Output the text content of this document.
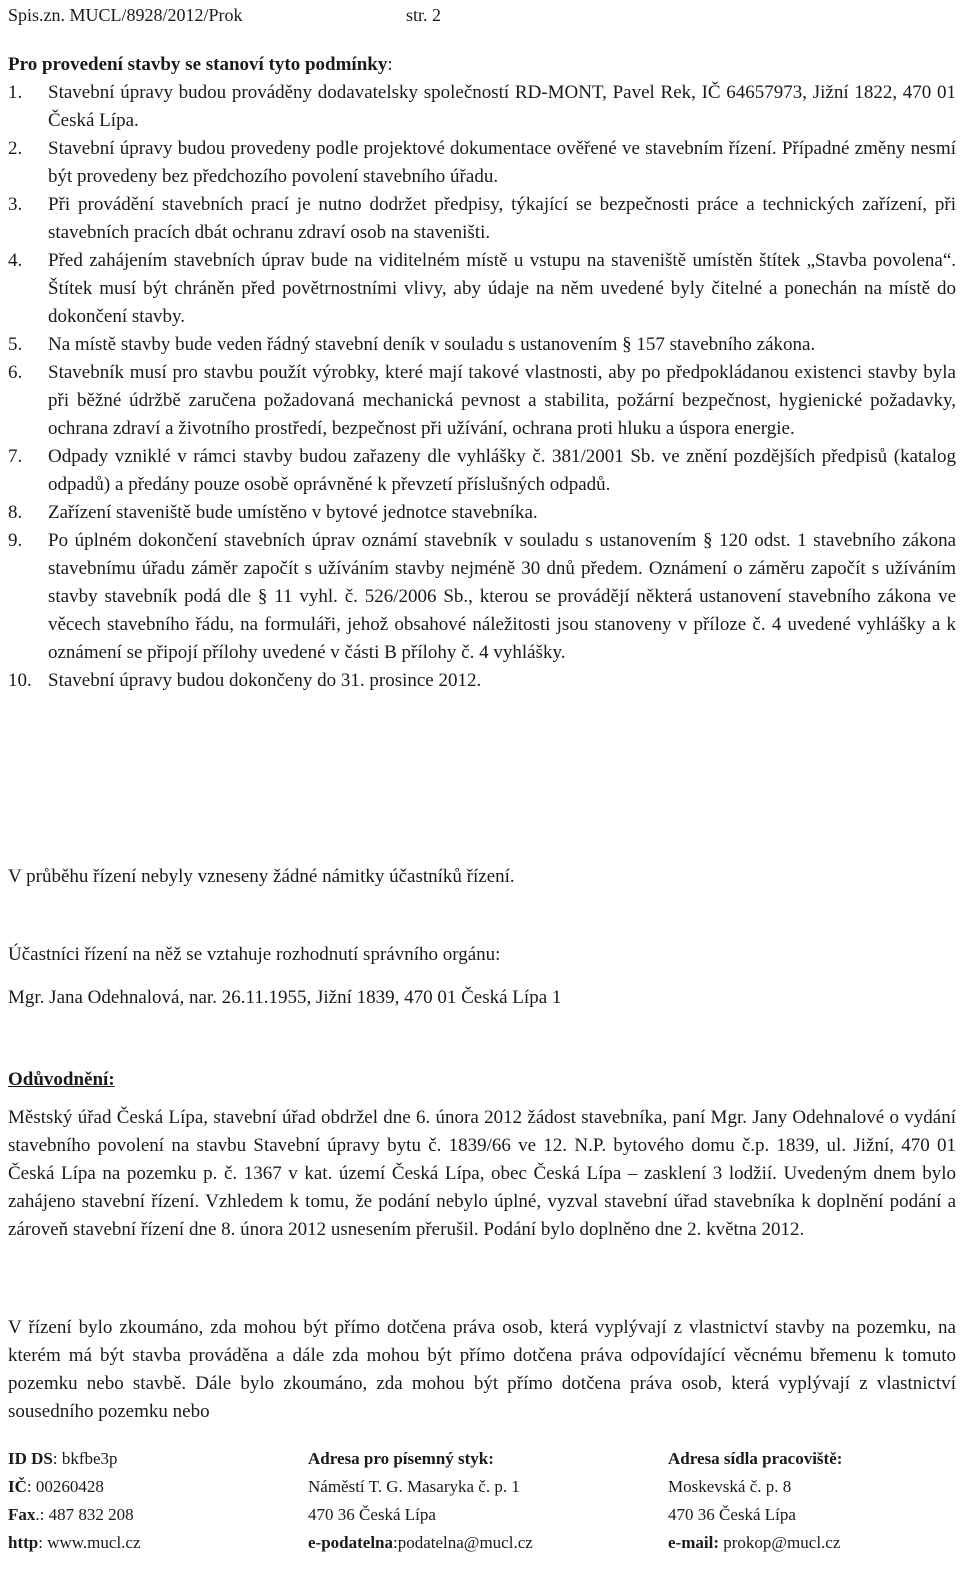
Spis.zn. MUCL/8928/2012/Prok	str. 2
Pro provedení stavby se stanoví tyto podmínky:
1. Stavební úpravy budou prováděny dodavatelsky společností RD-MONT, Pavel Rek, IČ 64657973, Jižní 1822, 470 01 Česká Lípa.
2. Stavební úpravy budou provedeny podle projektové dokumentace ověřené ve stavebním řízení. Případné změny nesmí být provedeny bez předchozího povolení stavebního úřadu.
3. Při provádění stavebních prací je nutno dodržet předpisy, týkající se bezpečnosti práce a technických zařízení, při stavebních pracích dbát ochranu zdraví osob na staveništi.
4. Před zahájením stavebních úprav bude na viditelném místě u vstupu na staveniště umístěn štítek „Stavba povolena“. Štítek musí být chráněn před povětrnostními vlivy, aby údaje na něm uvedené byly čitelné a ponechán na místě do dokončení stavby.
5. Na místě stavby bude veden řádný stavební deník v souladu s ustanovením § 157 stavebního zákona.
6. Stavebník musí pro stavbu použít výrobky, které mají takové vlastnosti, aby po předpokládanou existenci stavby byla při běžné údržbě zaručena požadovaná mechanická pevnost a stabilita, požární bezpečnost, hygienické požadavky, ochrana zdraví a životního prostředí, bezpečnost při užívání, ochrana proti hluku a úspora energie.
7. Odpady vzniklé v rámci stavby budou zařazeny dle vyhlášky č. 381/2001 Sb. ve znění pozdějších předpisů (katalog odpadů) a předány pouze osobě oprávněné k převzetí příslušných odpadů.
8. Zařízení staveniště bude umístěno v bytové jednotce stavebníka.
9. Po úplném dokončení stavebních úprav oznámí stavebník v souladu s ustanovením § 120 odst. 1 stavebního zákona stavebnímu úřadu záměr započít s užíváním stavby nejméně 30 dnů předem. Oznámení o záměru započít s užíváním stavby stavebník podá dle § 11 vyhl. č. 526/2006 Sb., kterou se provádějí některá ustanovení stavebního zákona ve věcech stavebního řádu, na formuláři, jehož obsahové náležitosti jsou stanoveny v příloze č. 4 uvedené vyhlášky a k oznámení se připojí přílohy uvedené v části B přílohy č. 4 vyhlášky.
10. Stavební úpravy budou dokončeny do 31. prosince 2012.

V průběhu řízení nebyly vzneseny žádné námitky účastníků řízení.

Účastníci řízení na něž se vztahuje rozhodnutí správního orgánu:

Mgr. Jana Odehnalová, nar. 26.11.1955, Jižní 1839, 470 01 Česká Lípa 1

Odůvodnění:

Městský úřad Česká Lípa, stavební úřad obdržel dne 6. února 2012 žádost stavebníka, paní Mgr. Jany Odehnalové o vydání stavebního povolení na stavbu Stavební úpravy bytu č. 1839/66 ve 12. N.P. bytového domu č.p. 1839, ul. Jižní, 470 01 Česká Lípa na pozemku p. č. 1367 v kat. území Česká Lípa, obec Česká Lípa – zasklení 3 lodžií. Uvedeným dnem bylo zahájeno stavební řízení. Vzhledem k tomu, že podání nebylo úplné, vyzval stavební úřad stavebníka k doplnění podání a zároveň stavební řízení dne 8. února 2012 usnesením přerušil. Podání bylo doplněno dne 2. května 2012.

V řízení bylo zkoumáno, zda mohou být přímo dotčena práva osob, která vyplývají z vlastnictví stavby na pozemku, na kterém má být stavba prováděna a dále zda mohou být přímo dotčena práva odpovídající věcnému břemenu k tomuto pozemku nebo stavbě. Dále bylo zkoumáno, zda mohou být přímo dotčena práva osob, která vyplývají z vlastnictví sousedního pozemku nebo

ID DS: bkfbe3p
IČ: 00260428
Fax.: 487 832 208
http: www.mucl.cz
Adresa pro písemný styk:
Náměstí T. G. Masaryka č. p. 1
470 36 Česká Lípa
e-podatelna:podatelna@mucl.cz
Adresa sídla pracoviště:
Moskevská č. p. 8
470 36 Česká Lípa
e-mail: prokop@mucl.cz
